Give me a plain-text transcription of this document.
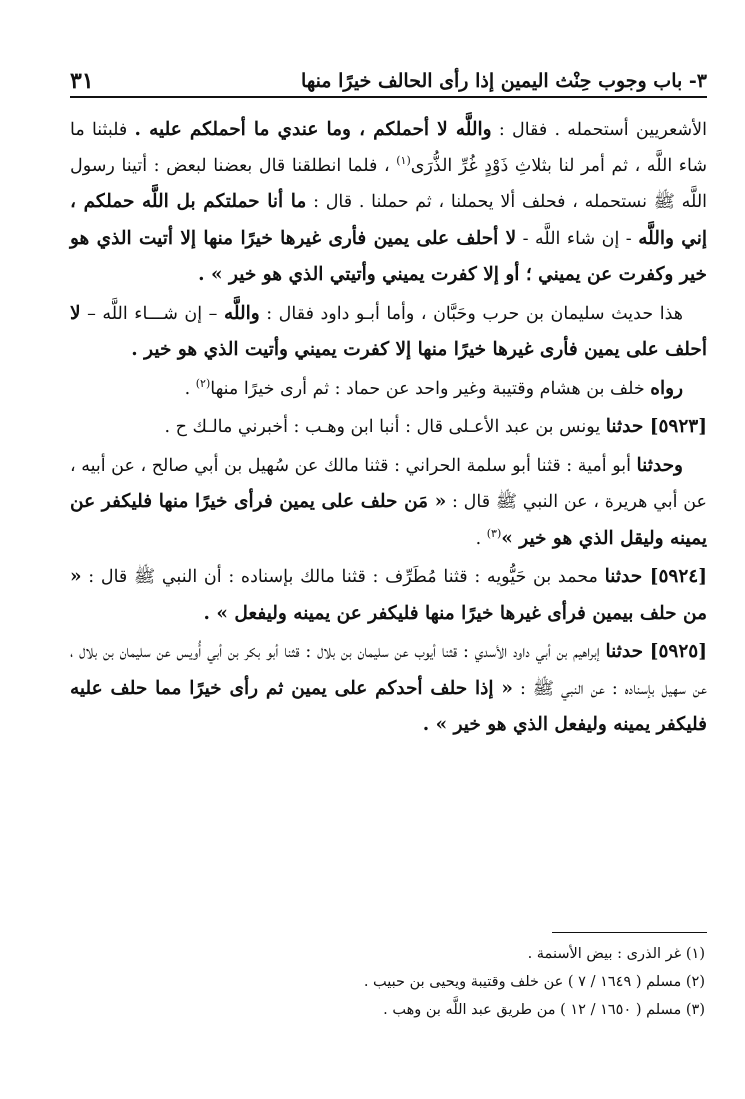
٣- باب وجوب حِنْث اليمين إذا رأى الحالف خيرًا منها
٣١

الأشعريين أستحمله . فقال : واللَّه لا أحملكم ، وما عندي ما أحملكم عليه . فلبثنا ما شاء اللَّه ، ثم أمر لنا بثلاثِ ذَوْدٍ غُرِّ الذُّرَى$^{(١)}$ ، فلما انطلقنا قال بعضنا لبعض : أتينا رسول اللَّه ﷺ نستحمله ، فحلف ألا يحملنا ، ثم حملنا . قال : ما أنا حملتكم بل اللَّه حملكم ، إني واللَّه - إن شاء اللَّه - لا أحلف على يمين فأرى غيرها خيرًا منها إلا أتيت الذي هو خير وكفرت عن يميني ؛ أو إلا كفرت يميني وأتيتي الذي هو خير » .

هذا حديث سليمان بن حرب وحَبَّان ، وأما أبـو داود فقال : واللَّه – إن شـــاء اللَّه – لا أحلف على يمين فأرى غيرها خيرًا منها إلا كفرت يميني وأتيت الذي هو خير .

رواه خلف بن هشام وقتيبة وغير واحد عن حماد : ثم أرى خيرًا منها$^{(٢)}$ .

[٥٩٢٣] حدثنا يونس بن عبد الأعـلى قال : أنبا ابن وهـب : أخبرني مالـك ح .

وحدثنا أبو أمية : قثنا أبو سلمة الحراني : قثنا مالك عن سُهيل بن أبي صالح ، عن أبيه ، عن أبي هريرة ، عن النبي ﷺ قال : « مَن حلف على يمين فرأى خيرًا منها فليكفر عن يمينه وليقل الذي هو خير »$^{(٣)}$ .

[٥٩٢٤] حدثنا محمد بن حَيُّويه : قثنا مُطَرِّف : قثنا مالك بإسناده : أن النبي ﷺ قال : « من حلف بيمين فرأى غيرها خيرًا منها فليكفر عن يمينه وليفعل » .

[٥٩٢٥] حدثنا إبراهيم بن أبي داود الأسدي : قثنا أيوب عن سليمان بن بلال : قثنا أبو بكر بن أبي أُويس عن سليمان بن بلال ، عن سهيل بإسناده : عن النبي ﷺ : « إذا حلف أحدكم على يمين ثم رأى خيرًا مما حلف عليه فليكفر يمينه وليفعل الذي هو خير » .

(١) غر الذرى : بيض الأسنمة .

(٢) مسلم ( ١٦٤٩ / ٧ ) عن خلف وقتيبة ويحيى بن حبيب .

(٣) مسلم ( ١٦٥٠ / ١٢ ) من طريق عبد اللَّه بن وهب .
